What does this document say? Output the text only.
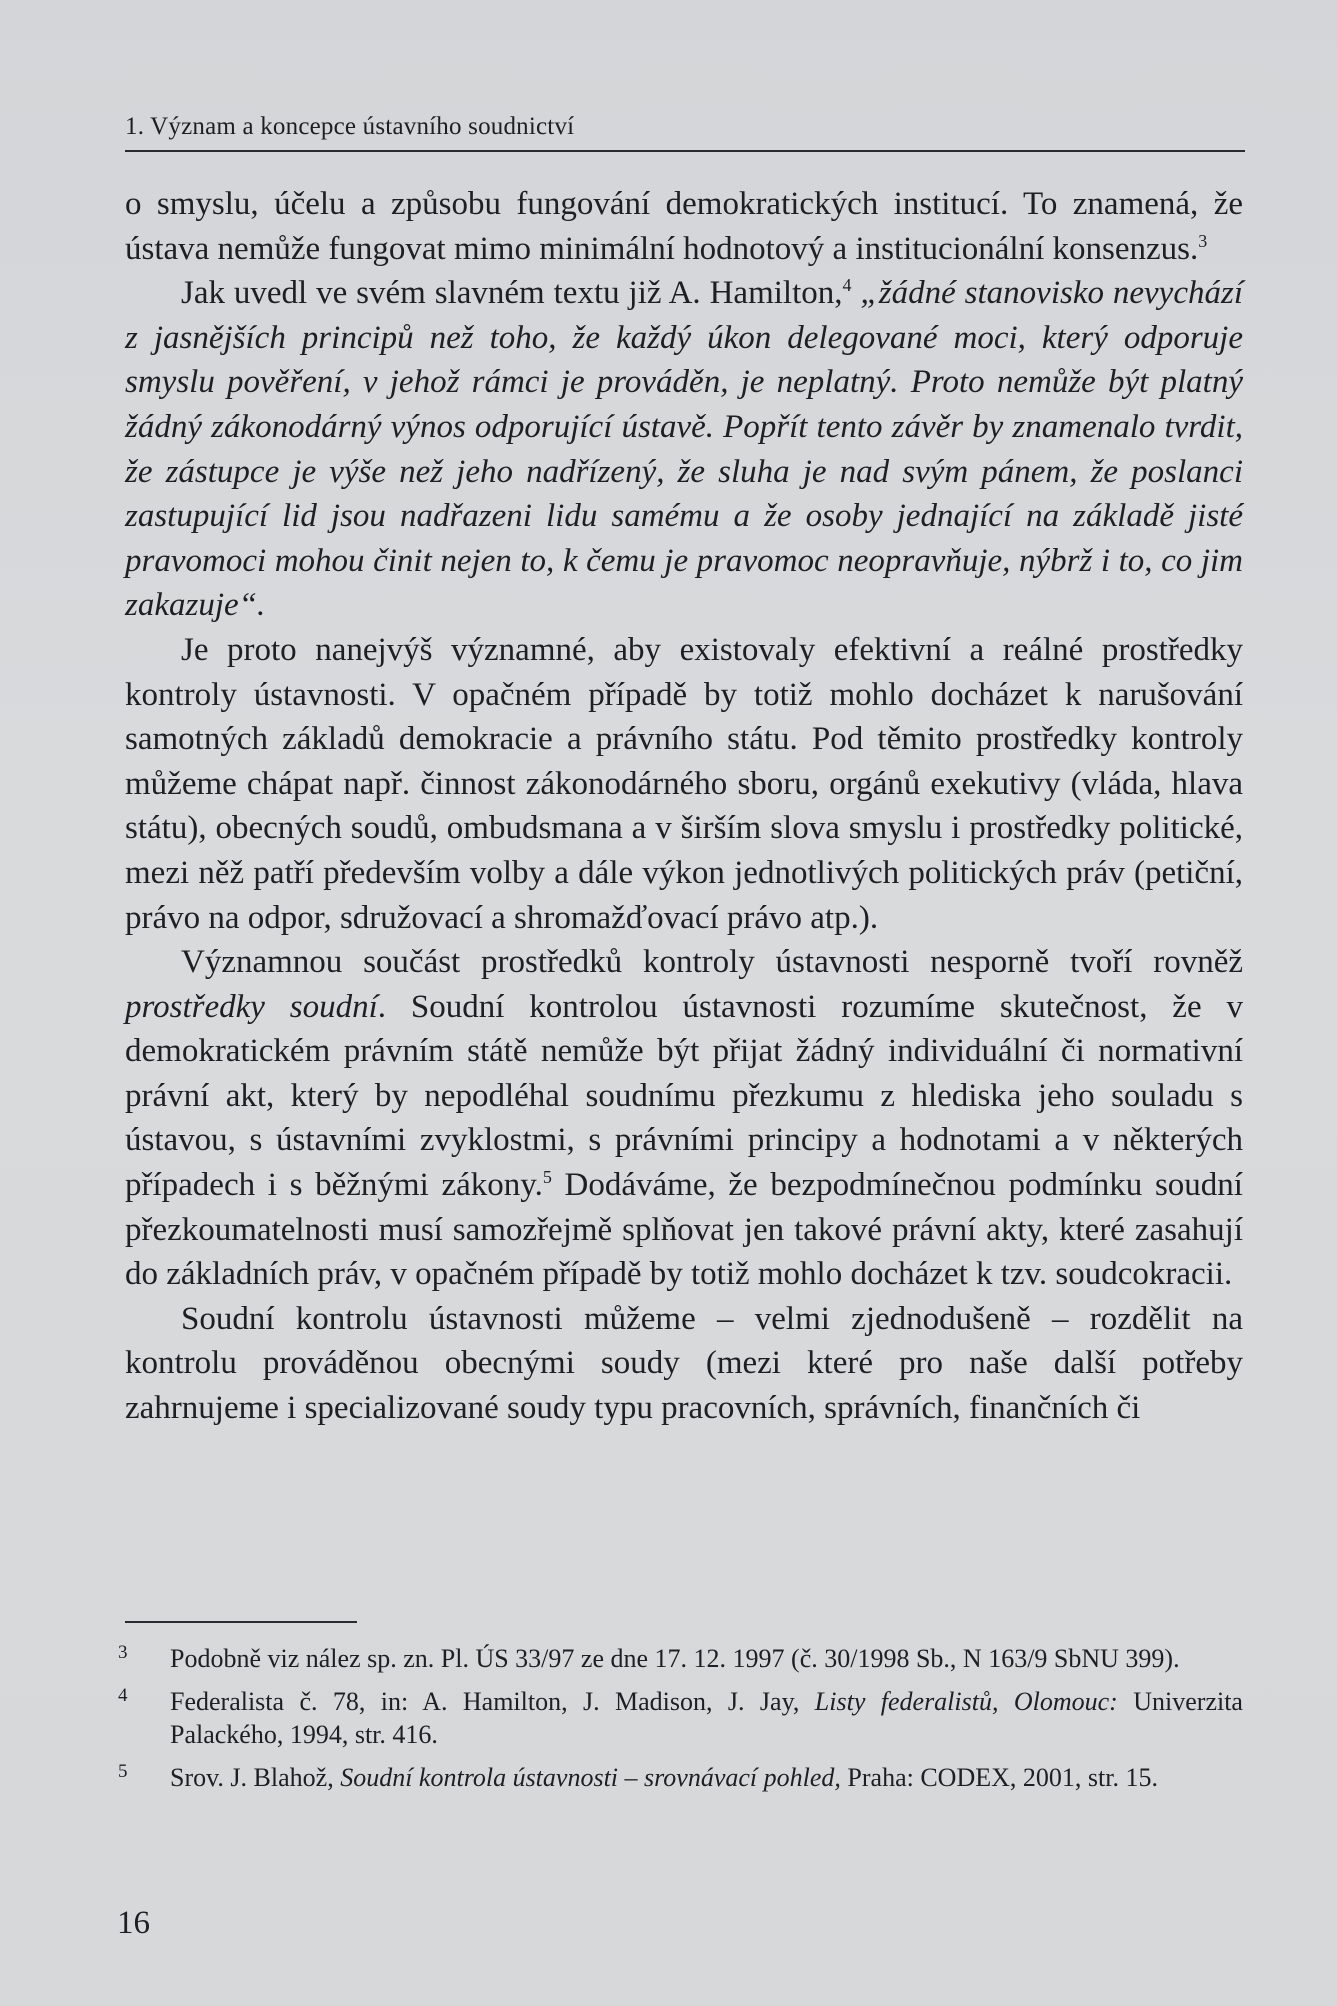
1. Význam a koncepce ústavního soudnictví

o smyslu, účelu a způsobu fungování demokratických institucí. To znamená, že ústava nemůže fungovat mimo minimální hodnotový a institucionální konsenzus.$^3$

Jak uvedl ve svém slavném textu již A. Hamilton,$^4$ „žádné stanovisko nevychází z jasnějších principů než toho, že každý úkon delegované moci, který odporuje smyslu pověření, v jehož rámci je prováděn, je neplatný. Proto nemůže být platný žádný zákonodárný výnos odporující ústavě. Popřít tento závěr by znamenalo tvrdit, že zástupce je výše než jeho nadřízený, že sluha je nad svým pánem, že poslanci zastupující lid jsou nadřazeni lidu samému a že osoby jednající na základě jisté pravomoci mohou činit nejen to, k čemu je pravomoc neopravňuje, nýbrž i to, co jim zakazuje“.

Je proto nanejvýš významné, aby existovaly efektivní a reálné prostředky kontroly ústavnosti. V opačném případě by totiž mohlo docházet k narušování samotných základů demokracie a právního státu. Pod těmito prostředky kontroly můžeme chápat např. činnost zákonodárného sboru, orgánů exekutivy (vláda, hlava státu), obecných soudů, ombudsmana a v širším slova smyslu i prostředky politické, mezi něž patří především volby a dále výkon jednotlivých politických práv (petiční, právo na odpor, sdružovací a shromažďovací právo atp.).

Významnou součást prostředků kontroly ústavnosti nesporně tvoří rovněž prostředky soudní. Soudní kontrolou ústavnosti rozumíme skutečnost, že v demokratickém právním státě nemůže být přijat žádný individuální či normativní právní akt, který by nepodléhal soudnímu přezkumu z hlediska jeho souladu s ústavou, s ústavními zvyklostmi, s právními principy a hodnotami a v některých případech i s běžnými zákony.$^5$ Dodáváme, že bezpodmínečnou podmínku soudní přezkoumatelnosti musí samozřejmě splňovat jen takové právní akty, které zasahují do základních práv, v opačném případě by totiž mohlo docházet k tzv. soudcokracii.

Soudní kontrolu ústavnosti můžeme – velmi zjednodušeně – rozdělit na kontrolu prováděnou obecnými soudy (mezi které pro naše další potřeby zahrnujeme i specializované soudy typu pracovních, správních, finančních či

3 Podobně viz nález sp. zn. Pl. ÚS 33/97 ze dne 17. 12. 1997 (č. 30/1998 Sb., N 163/9 SbNU 399).
4 Federalista č. 78, in: A. Hamilton, J. Madison, J. Jay, Listy federalistů, Olomouc: Univerzita Palackého, 1994, str. 416.
5 Srov. J. Blahož, Soudní kontrola ústavnosti – srovnávací pohled, Praha: CODEX, 2001, str. 15.
16
